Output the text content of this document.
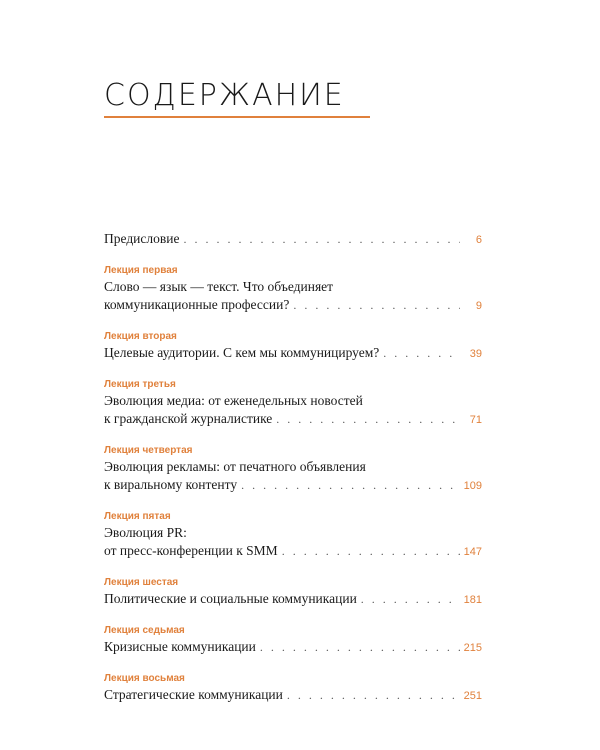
СОДЕРЖАНИЕ
Предисловие . . .	6
Лекция первая
Слово — язык — текст. Что объединяет
коммуникационные профессии? . . .	9
Лекция вторая
Целевые аудитории. С кем мы коммуницируем? . . .	39
Лекция третья
Эволюция медиа: от еженедельных новостей
к гражданской журналистике . . .	71
Лекция четвертая
Эволюция рекламы: от печатного объявления
к виральному контенту . . .	109
Лекция пятая
Эволюция PR:
от пресс-конференции к SMM . . .	147
Лекция шестая
Политические и социальные коммуникации . . .	181
Лекция седьмая
Кризисные коммуникации . . .	215
Лекция восьмая
Стратегические коммуникации . . .	251
